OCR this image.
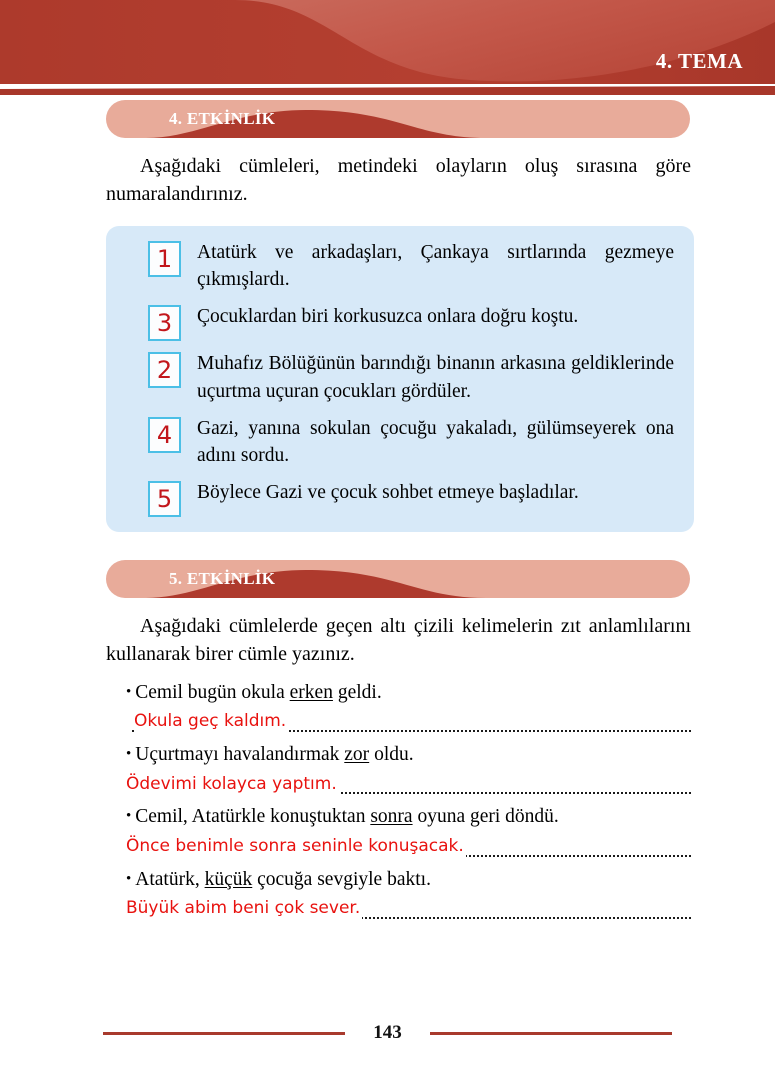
4. TEMA
4. ETKİNLİK

Aşağıdaki cümleleri, metindeki olayların oluş sırasına göre numaralandırınız.

1 Atatürk ve arkadaşları, Çankaya sırtlarında gezmeye çıkmışlardı.
3 Çocuklardan biri korkusuzca onlara doğru koştu.
2 Muhafız Bölüğünün barındığı binanın arkasına geldiklerinde uçurtma uçuran çocukları gördüler.
4 Gazi, yanına sokulan çocuğu yakaladı, gülümseyerek ona adını sordu.
5 Böylece Gazi ve çocuk sohbet etmeye başladılar.
5. ETKİNLİK

Aşağıdaki cümlelerde geçen altı çizili kelimelerin zıt anlamlılarını kullanarak birer cümle yazınız.

• Cemil bugün okula erken geldi.
Okula geç kaldım.
• Uçurtmayı havalandırmak zor oldu.
Ödevimi kolayca yaptım.
• Cemil, Atatürkle konuştuktan sonra oyuna geri döndü.
Önce benimle sonra seninle konuşacak.
• Atatürk, küçük çocuğa sevgiyle baktı.
Büyük abim beni çok sever.
143
